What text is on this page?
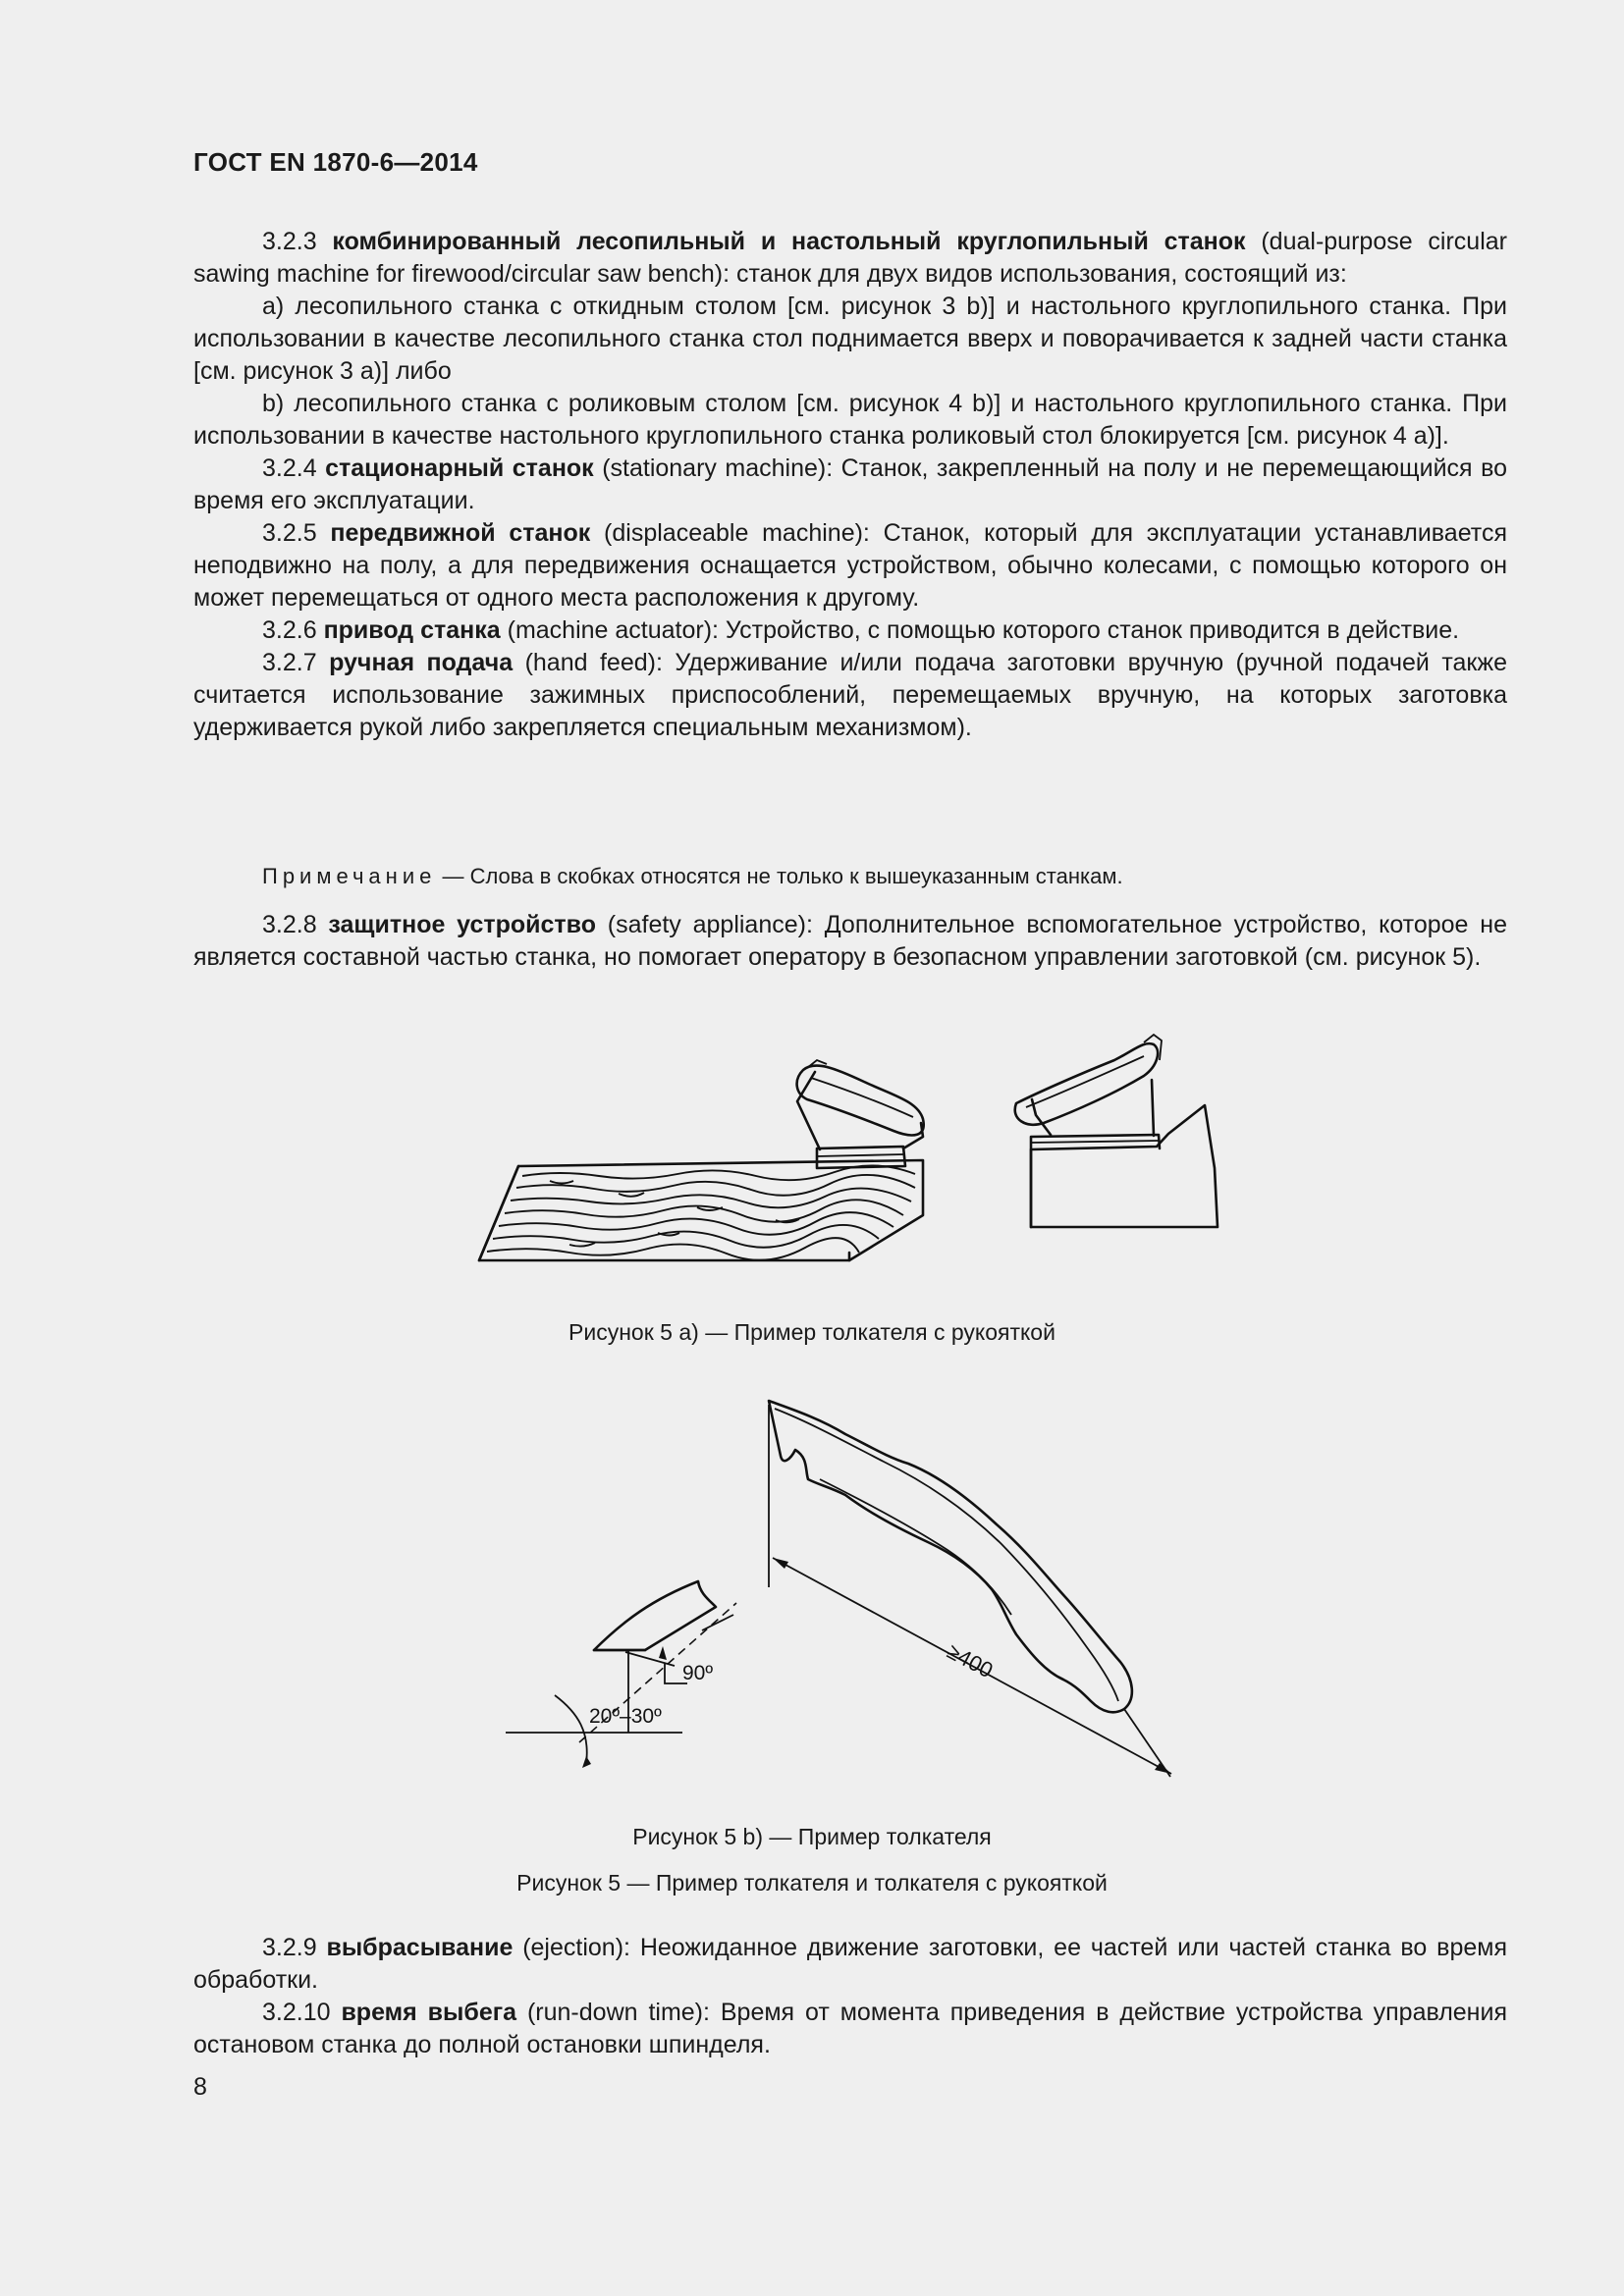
ГОСТ EN 1870-6—2014

3.2.3 комбинированный лесопильный и настольный круглопильный станок (dual-purpose circular sawing machine for firewood/circular saw bench): станок для двух видов использования, состоящий из:

a) лесопильного станка с откидным столом [см. рисунок 3 b)] и настольного круглопильного станка. При использовании в качестве лесопильного станка стол поднимается вверх и поворачивается к задней части станка [см. рисунок 3 a)] либо

b) лесопильного станка с роликовым столом [см. рисунок 4 b)] и настольного круглопильного станка. При использовании в качестве настольного круглопильного станка роликовый стол блокируется [см. рисунок 4 a)].

3.2.4 стационарный станок (stationary machine): Станок, закрепленный на полу и не перемещающийся во время его эксплуатации.

3.2.5 передвижной станок (displaceable machine): Станок, который для эксплуатации устанавливается неподвижно на полу, а для передвижения оснащается устройством, обычно колесами, с помощью которого он может перемещаться от одного места расположения к другому.

3.2.6 привод станка (machine actuator): Устройство, с помощью которого станок приводится в действие.

3.2.7 ручная подача (hand feed): Удерживание и/или подача заготовки вручную (ручной подачей также считается использование зажимных приспособлений, перемещаемых вручную, на которых заготовка удерживается рукой либо закрепляется специальным механизмом).

Примечание — Слова в скобках относятся не только к вышеуказанным станкам.

3.2.8 защитное устройство (safety appliance): Дополнительное вспомогательное устройство, которое не является составной частью станка, но помогает оператору в безопасном управлении заготовкой (см. рисунок 5).

Рисунок 5 a) — Пример толкателя с рукояткой
≥400
90º
20º–30º
Рисунок 5 b) — Пример толкателя
Рисунок 5 — Пример толкателя и толкателя с рукояткой

3.2.9 выбрасывание (ejection): Неожиданное движение заготовки, ее частей или частей станка во время обработки.

3.2.10 время выбега (run-down time): Время от момента приведения в действие устройства управления остановом станка до полной остановки шпинделя.

8
